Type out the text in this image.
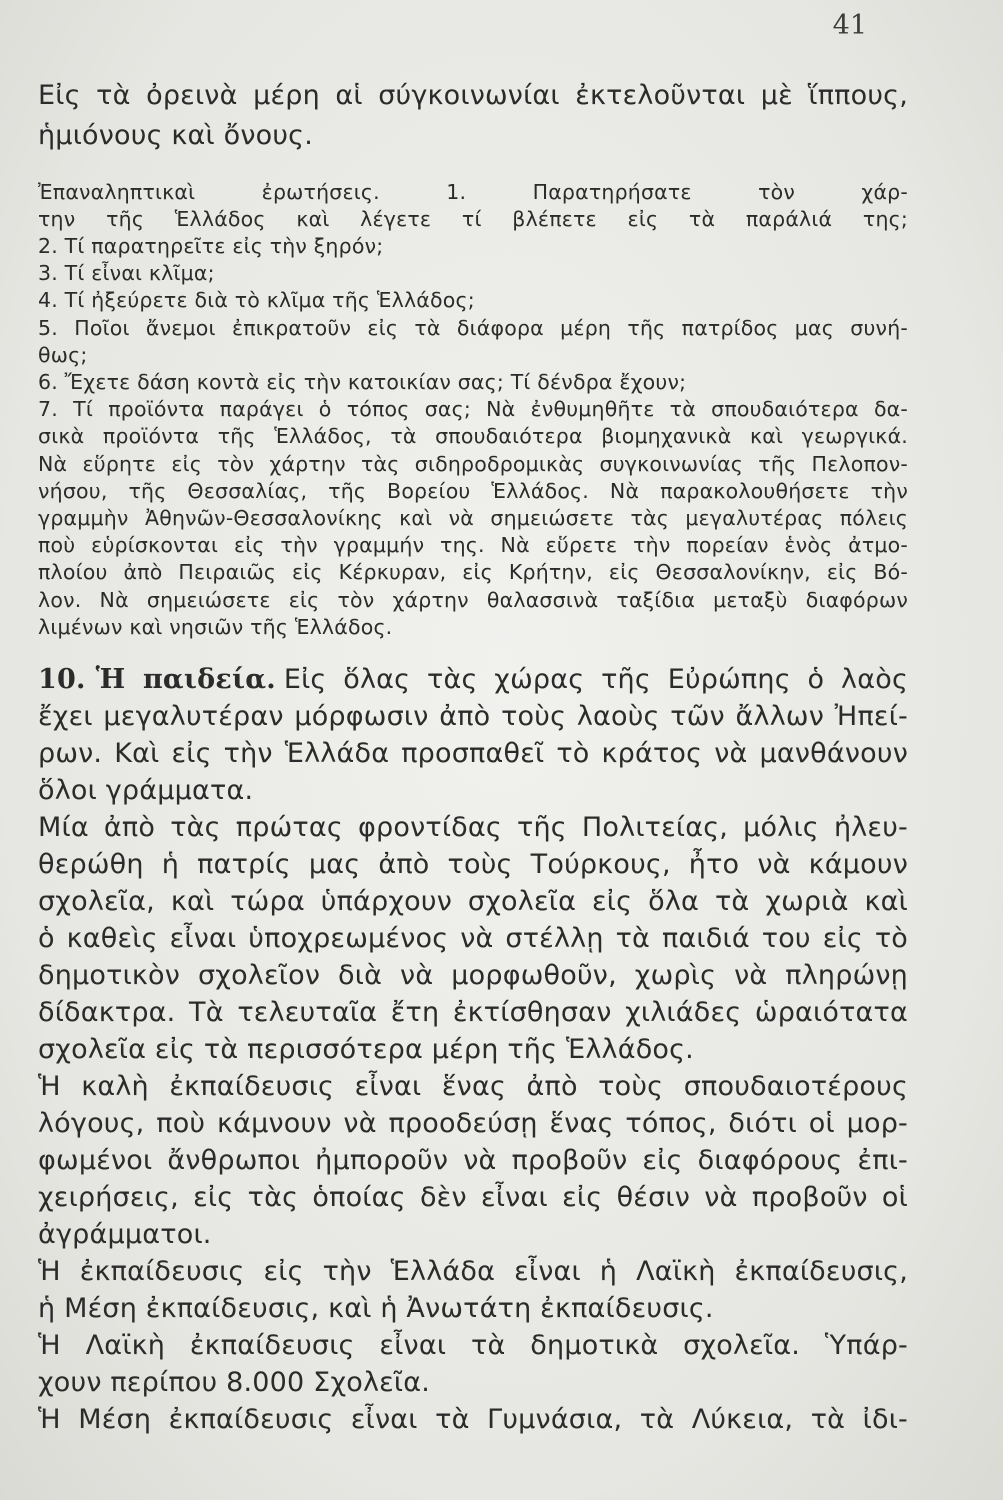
41
Εἰς τὰ ὀρεινὰ μέρη αἱ σύγκοινωνίαι ἐκτελοῦνται μὲ ἵππους,
ἡμιόνους καὶ ὄνους.
Ἐπαναληπτικαὶ ἐρωτήσεις. 1. Παρατηρήσατε τὸν χάρ-
την τῆς Ἑλλάδος καὶ λέγετε τί βλέπετε εἰς τὰ παράλιά της;
2. Τί παρατηρεῖτε εἰς τὴν ξηρόν;
3. Τί εἶναι κλῖμα;
4. Τί ἠξεύρετε διὰ τὸ κλῖμα τῆς Ἑλλάδος;
5. Ποῖοι ἄνεμοι ἐπικρατοῦν εἰς τὰ διάφορα μέρη τῆς πατρίδος μας συνή-
θως;
6. Ἔχετε δάση κοντὰ εἰς τὴν κατοικίαν σας; Τί δένδρα ἔχουν;
7. Τί προϊόντα παράγει ὁ τόπος σας; Νὰ ἐνθυμηθῆτε τὰ σπουδαιότερα δα-
σικὰ προϊόντα τῆς Ἑλλάδος, τὰ σπουδαιότερα βιομηχανικὰ καὶ γεωργικά.
Νὰ εὕρητε εἰς τὸν χάρτην τὰς σιδηροδρομικὰς συγκοινωνίας τῆς Πελοπον-
νήσου, τῆς Θεσσαλίας, τῆς Βορείου Ἑλλάδος. Νὰ παρακολουθήσετε τὴν
γραμμὴν Ἀθηνῶν-Θεσσαλονίκης καὶ νὰ σημειώσετε τὰς μεγαλυτέρας πόλεις
ποὺ εὑρίσκονται εἰς τὴν γραμμήν της. Νὰ εὕρετε τὴν πορείαν ἑνὸς ἀτμο-
πλοίου ἀπὸ Πειραιῶς εἰς Κέρκυραν, εἰς Κρήτην, εἰς Θεσσαλονίκην, εἰς Βό-
λον. Νὰ σημειώσετε εἰς τὸν χάρτην θαλασσινὰ ταξίδια μεταξὺ διαφόρων
λιμένων καὶ νησιῶν τῆς Ἑλλάδος.
10. Ἡ παιδεία. Εἰς ὅλας τὰς χώρας τῆς Εὐρώπης ὁ λαὸς
ἔχει μεγαλυτέραν μόρφωσιν ἀπὸ τοὺς λαοὺς τῶν ἄλλων Ἠπεί-
ρων. Καὶ εἰς τὴν Ἑλλάδα προσπαθεῖ τὸ κράτος νὰ μανθάνουν
ὅλοι γράμματα.
Μία ἀπὸ τὰς πρώτας φροντίδας τῆς Πολιτείας, μόλις ἠλευ-
θερώθη ἡ πατρίς μας ἀπὸ τοὺς Τούρκους, ἦτο νὰ κάμουν
σχολεῖα, καὶ τώρα ὑπάρχουν σχολεῖα εἰς ὅλα τὰ χωριὰ καὶ
ὁ καθεὶς εἶναι ὑποχρεωμένος νὰ στέλλῃ τὰ παιδιά του εἰς τὸ
δημοτικὸν σχολεῖον διὰ νὰ μορφωθοῦν, χωρὶς νὰ πληρώνῃ
δίδακτρα. Τὰ τελευταῖα ἔτη ἐκτίσθησαν χιλιάδες ὡραιότατα
σχολεῖα εἰς τὰ περισσότερα μέρη τῆς Ἑλλάδος.
Ἡ καλὴ ἐκπαίδευσις εἶναι ἕνας ἀπὸ τοὺς σπουδαιοτέρους
λόγους, ποὺ κάμνουν νὰ προοδεύσῃ ἕνας τόπος, διότι οἱ μορ-
φωμένοι ἄνθρωποι ἠμποροῦν νὰ προβοῦν εἰς διαφόρους ἐπι-
χειρήσεις, εἰς τὰς ὁποίας δὲν εἶναι εἰς θέσιν νὰ προβοῦν οἱ
ἀγράμματοι.
Ἡ ἐκπαίδευσις εἰς τὴν Ἑλλάδα εἶναι ἡ Λαϊκὴ ἐκπαίδευσις,
ἡ Μέση ἐκπαίδευσις, καὶ ἡ Ἀνωτάτη ἐκπαίδευσις.
Ἡ Λαϊκὴ ἐκπαίδευσις εἶναι τὰ δημοτικὰ σχολεῖα. Ὑπάρ-
χουν περίπου 8.000 Σχολεῖα.
Ἡ Μέση ἐκπαίδευσις εἶναι τὰ Γυμνάσια, τὰ Λύκεια, τὰ ἰδι-
